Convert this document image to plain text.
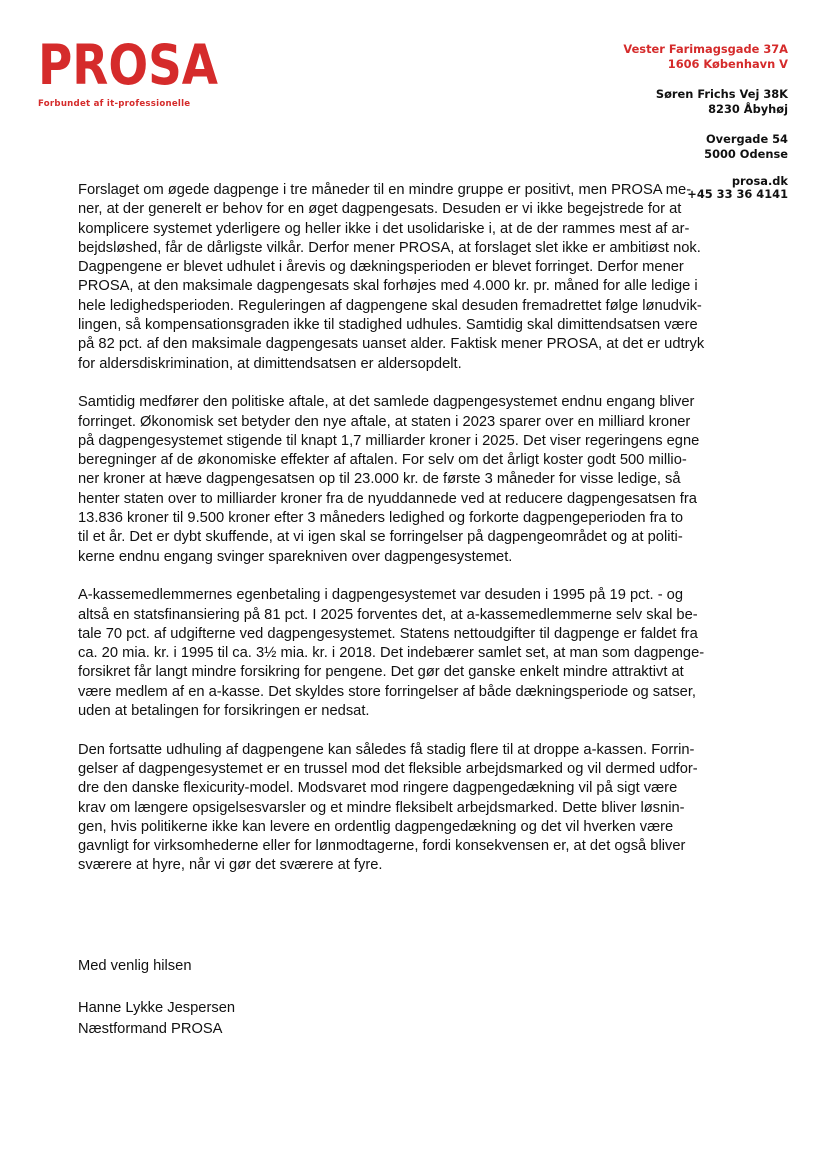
PROSA
Forbundet af it-professionelle
Vester Farimagsgade 37A
1606 København V
Søren Frichs Vej 38K
8230 Åbyhøj
Overgade 54
5000 Odense
prosa.dk
+45 33 36 4141

Forslaget om øgede dagpenge i tre måneder til en mindre gruppe er positivt, men PROSA me-
ner, at der generelt er behov for en øget dagpengesats. Desuden er vi ikke begejstrede for at
komplicere systemet yderligere og heller ikke i det usolidariske i, at de der rammes mest af ar-
bejdsløshed, får de dårligste vilkår. Derfor mener PROSA, at forslaget slet ikke er ambitiøst nok.
Dagpengene er blevet udhulet i årevis og dækningsperioden er blevet forringet. Derfor mener
PROSA, at den maksimale dagpengesats skal forhøjes med 4.000 kr. pr. måned for alle ledige i
hele ledighedsperioden. Reguleringen af dagpengene skal desuden fremadrettet følge lønudvik-
lingen, så kompensationsgraden ikke til stadighed udhules. Samtidig skal dimittendsatsen være
på 82 pct. af den maksimale dagpengesats uanset alder. Faktisk mener PROSA, at det er udtryk
for aldersdiskrimination, at dimittendsatsen er aldersopdelt.

Samtidig medfører den politiske aftale, at det samlede dagpengesystemet endnu engang bliver
forringet. Økonomisk set betyder den nye aftale, at staten i 2023 sparer over en milliard kroner
på dagpengesystemet stigende til knapt 1,7 milliarder kroner i 2025. Det viser regeringens egne
beregninger af de økonomiske effekter af aftalen. For selv om det årligt koster godt 500 millio-
ner kroner at hæve dagpengesatsen op til 23.000 kr. de første 3 måneder for visse ledige, så
henter staten over to milliarder kroner fra de nyuddannede ved at reducere dagpengesatsen fra
13.836 kroner til 9.500 kroner efter 3 måneders ledighed og forkorte dagpengeperioden fra to
til et år. Det er dybt skuffende, at vi igen skal se forringelser på dagpengeområdet og at politi-
kerne endnu engang svinger sparekniven over dagpengesystemet.

A-kassemedlemmernes egenbetaling i dagpengesystemet var desuden i 1995 på 19 pct. - og
altså en statsfinansiering på 81 pct. I 2025 forventes det, at a-kassemedlemmerne selv skal be-
tale 70 pct. af udgifterne ved dagpengesystemet. Statens nettoudgifter til dagpenge er faldet fra
ca. 20 mia. kr. i 1995 til ca. 3½ mia. kr. i 2018. Det indebærer samlet set, at man som dagpenge-
forsikret får langt mindre forsikring for pengene. Det gør det ganske enkelt mindre attraktivt at
være medlem af en a-kasse. Det skyldes store forringelser af både dækningsperiode og satser,
uden at betalingen for forsikringen er nedsat.

Den fortsatte udhuling af dagpengene kan således få stadig flere til at droppe a-kassen. Forrin-
gelser af dagpengesystemet er en trussel mod det fleksible arbejdsmarked og vil dermed udfor-
dre den danske flexicurity-model. Modsvaret mod ringere dagpengedækning vil på sigt være
krav om længere opsigelsesvarsler og et mindre fleksibelt arbejdsmarked. Dette bliver løsnin-
gen, hvis politikerne ikke kan levere en ordentlig dagpengedækning og det vil hverken være
gavnligt for virksomhederne eller for lønmodtagerne, fordi konsekvensen er, at det også bliver
sværere at hyre, når vi gør det sværere at fyre.

Med venlig hilsen
Hanne Lykke Jespersen
Næstformand PROSA
